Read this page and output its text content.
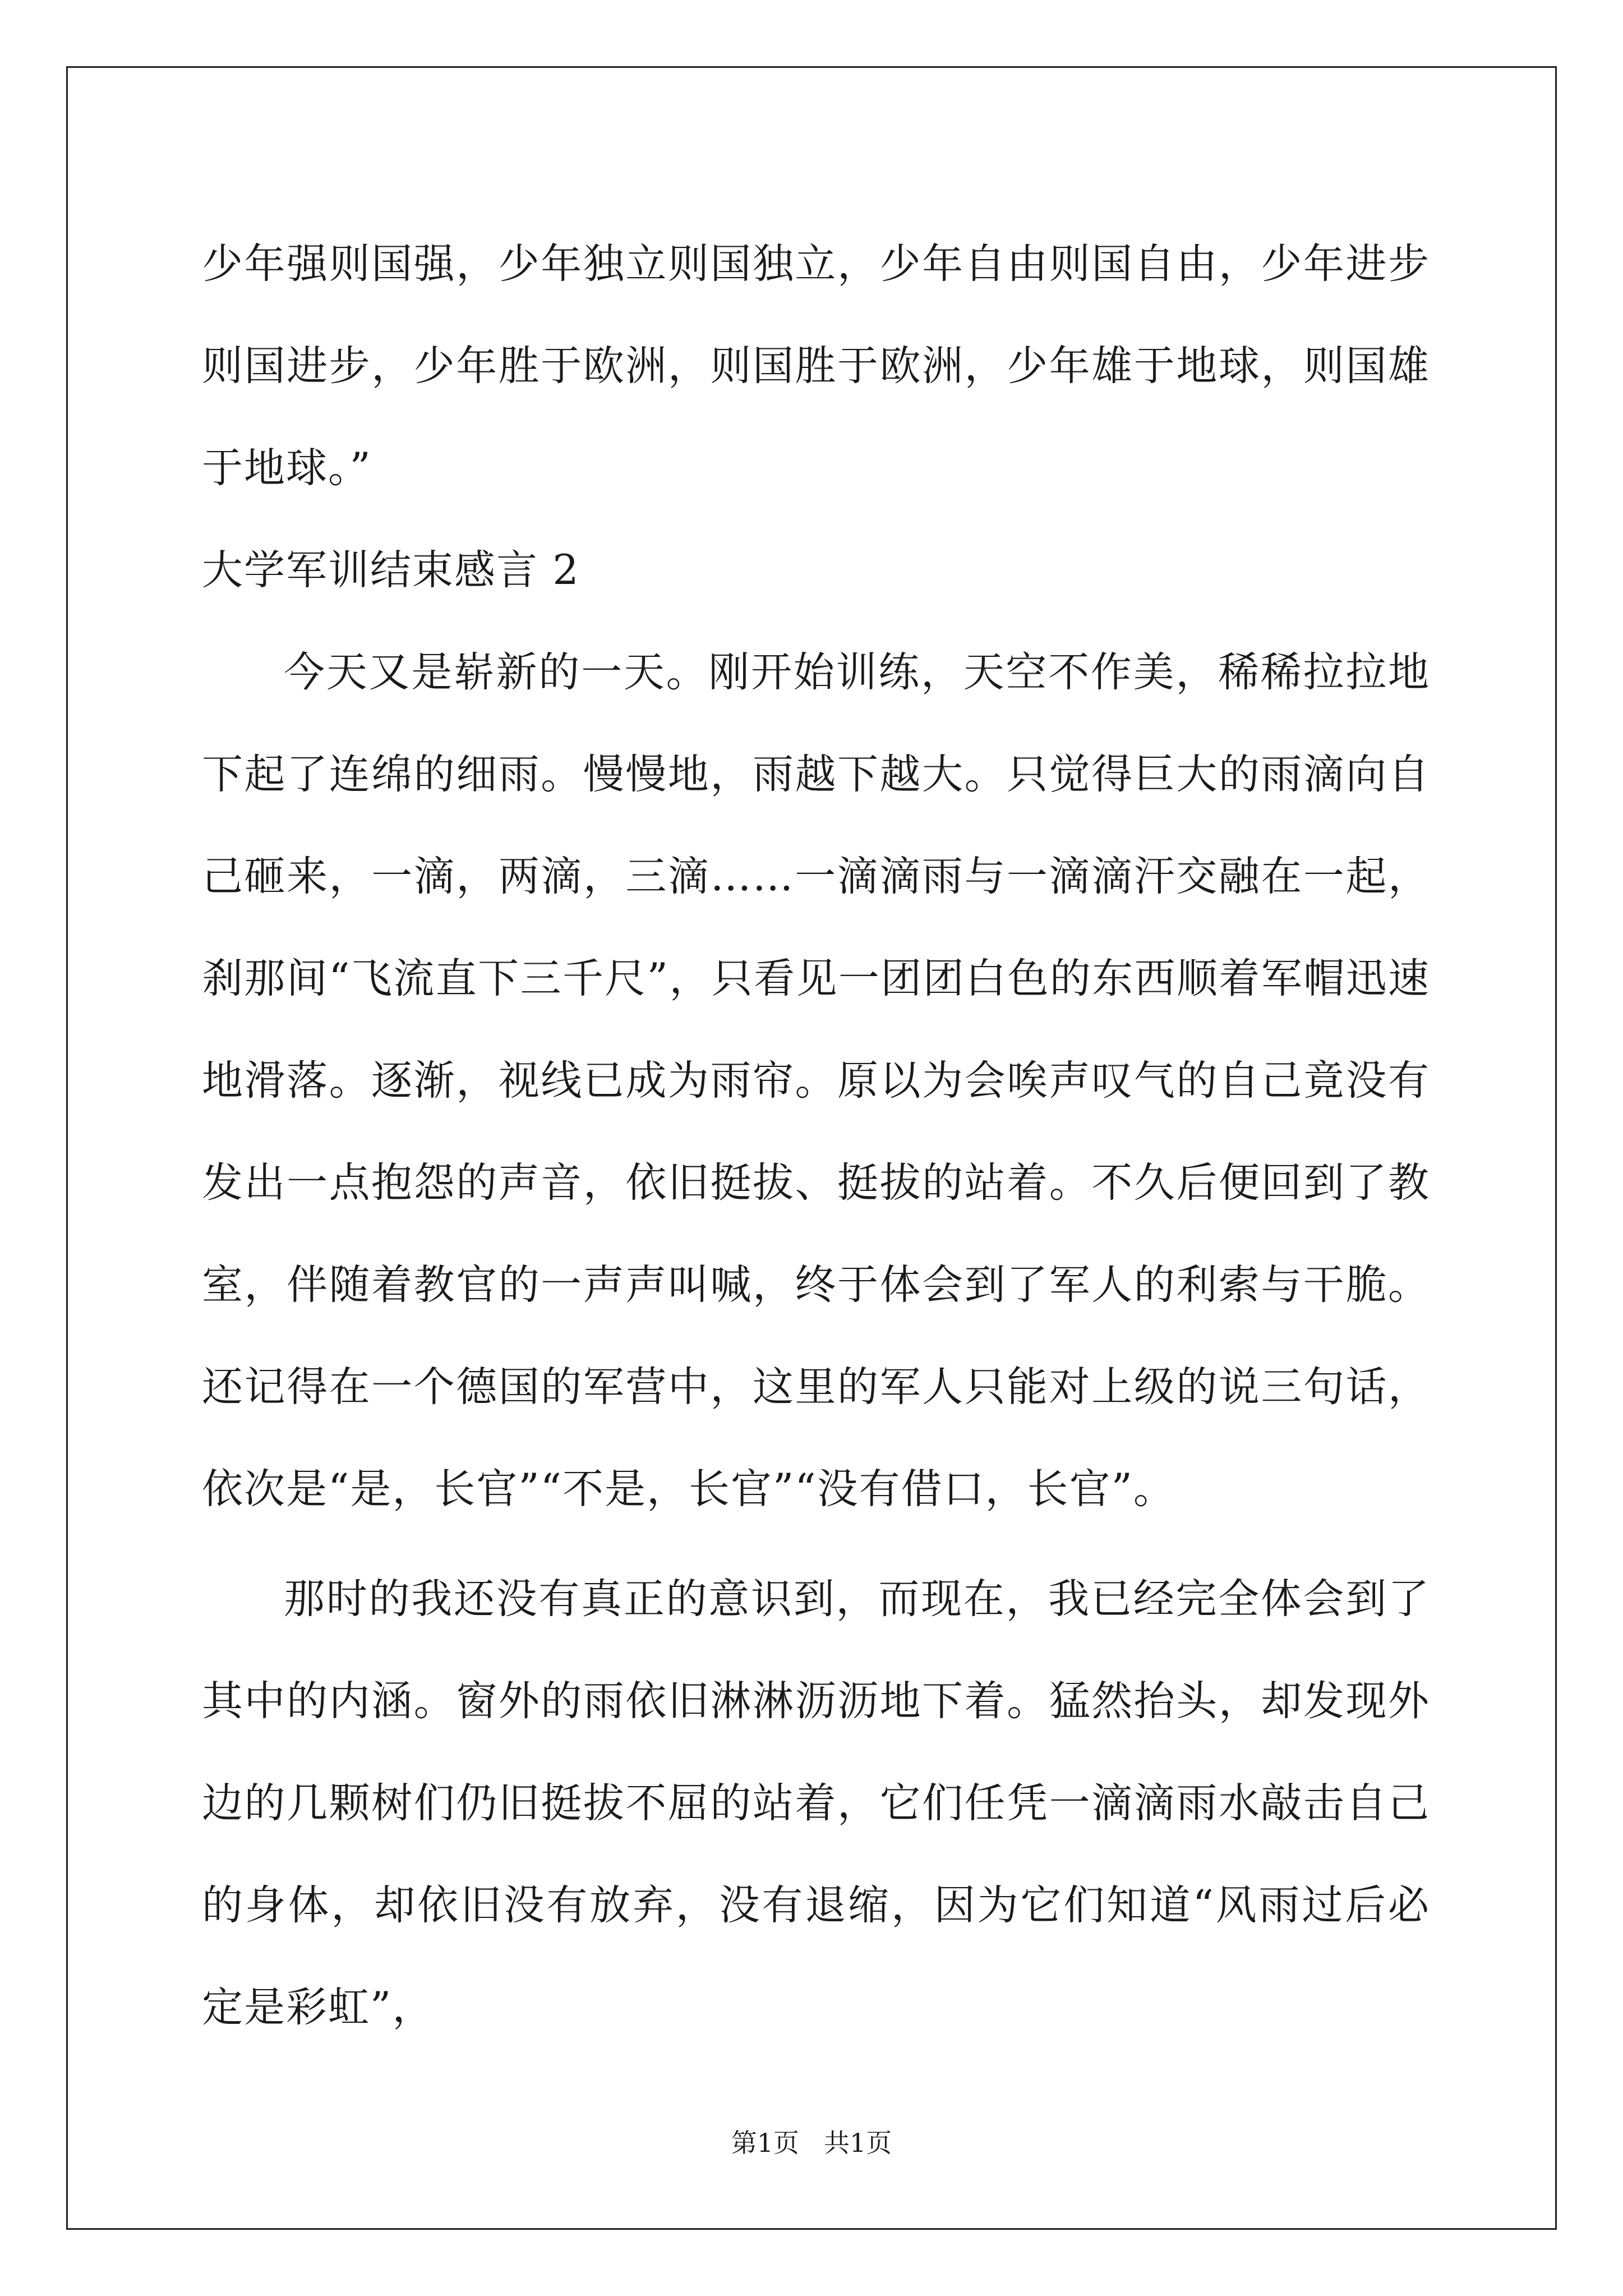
少年强则国强，少年独立则国独立，少年自由则国自由，少年进步则国进步，少年胜于欧洲，则国胜于欧洲，少年雄于地球，则国雄于地球。”

大学军训结束感言 2

今天又是崭新的一天。刚开始训练，天空不作美，稀稀拉拉地下起了连绵的细雨。慢慢地，雨越下越大。只觉得巨大的雨滴向自己砸来，一滴，两滴，三滴……一滴滴雨与一滴滴汗交融在一起，刹那间“飞流直下三千尺”，只看见一团团白色的东西顺着军帽迅速地滑落。逐渐，视线已成为雨帘。原以为会唉声叹气的自己竟没有发出一点抱怨的声音，依旧挺拔、挺拔的站着。不久后便回到了教室，伴随着教官的一声声叫喊，终于体会到了军人的利索与干脆。还记得在一个德国的军营中，这里的军人只能对上级的说三句话，依次是“是，长官”“不是，长官”“没有借口，长官”。

那时的我还没有真正的意识到，而现在，我已经完全体会到了其中的内涵。窗外的雨依旧淋淋沥沥地下着。猛然抬头，却发现外边的几颗树们仍旧挺拔不屈的站着，它们任凭一滴滴雨水敲击自己的身体，却依旧没有放弃，没有退缩，因为它们知道“风雨过后必定是彩虹”，

第1页 共1页
